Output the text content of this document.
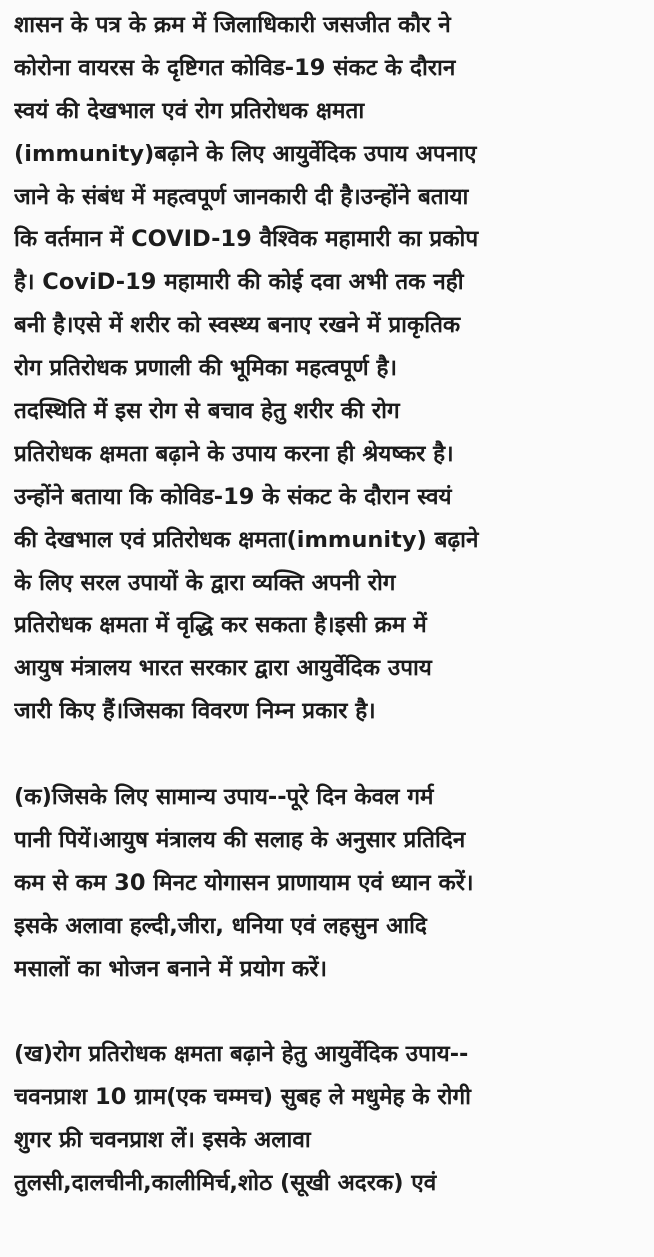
शासन के पत्र के क्रम में जिलाधिकारी जसजीत कौर ने
कोरोना वायरस के दृष्टिगत कोविड-19 संकट के दौरान
स्वयं की देखभाल एवं रोग प्रतिरोधक क्षमता
(immunity)बढ़ाने के लिए आयुर्वेदिक उपाय अपनाए
जाने के संबंध में महत्वपूर्ण जानकारी दी है।उन्होंने बताया
कि वर्तमान में COVID-19 वैश्विक महामारी का प्रकोप
है। CoviD-19 महामारी की कोई दवा अभी तक नही
बनी है।एसे में शरीर को स्वस्थ्य बनाए रखने में प्राकृतिक
रोग प्रतिरोधक प्रणाली की भूमिका महत्वपूर्ण है।
तदस्थिति में इस रोग से बचाव हेतु शरीर की रोग
प्रतिरोधक क्षमता बढ़ाने के उपाय करना ही श्रेयष्कर है।
उन्होंने बताया कि कोविड-19 के संकट के दौरान स्वयं
की देखभाल एवं प्रतिरोधक क्षमता(immunity) बढ़ाने
के लिए सरल उपायों के द्वारा व्यक्ति अपनी रोग
प्रतिरोधक क्षमता में वृद्धि कर सकता है।इसी क्रम में
आयुष मंत्रालय भारत सरकार द्वारा आयुर्वेदिक उपाय
जारी किए हैं।जिसका विवरण निम्न प्रकार है।
(क)जिसके लिए सामान्य उपाय--पूरे दिन केवल गर्म
पानी पियें।आयुष मंत्रालय की सलाह के अनुसार प्रतिदिन
कम से कम 30 मिनट योगासन प्राणायाम एवं ध्यान करें।
इसके अलावा हल्दी,जीरा, धनिया एवं लहसुन आदि
मसालों का भोजन बनाने में प्रयोग करें।
(ख)रोग प्रतिरोधक क्षमता बढ़ाने हेतु आयुर्वेदिक उपाय--
चवनप्राश 10 ग्राम(एक चम्मच) सुबह ले मधुमेह के रोगी
शुगर फ्री चवनप्राश लें। इसके अलावा
तुलसी,दालचीनी,कालीमिर्च,शोठ (सूखी अदरक) एवं
